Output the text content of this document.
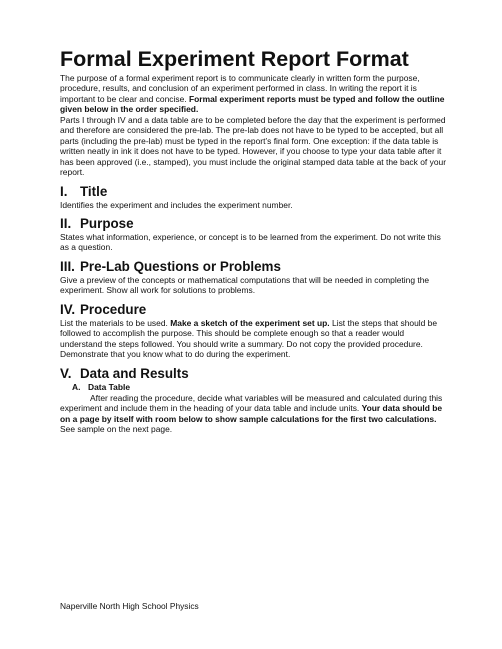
Formal Experiment Report Format

The purpose of a formal experiment report is to communicate clearly in written form the purpose, procedure, results, and conclusion of an experiment performed in class. In writing the report it is important to be clear and concise. Formal experiment reports must be typed and follow the outline given below in the order specified.

Parts I through IV and a data table are to be completed before the day that the experiment is performed and therefore are considered the pre-lab. The pre-lab does not have to be typed to be accepted, but all parts (including the pre-lab) must be typed in the report’s final form. One exception: if the data table is written neatly in ink it does not have to be typed. However, if you choose to type your data table after it has been approved (i.e., stamped), you must include the original stamped data table at the back of your report.

I. Title

Identifies the experiment and includes the experiment number.

II. Purpose

States what information, experience, or concept is to be learned from the experiment. Do not write this as a question.

III. Pre-Lab Questions or Problems

Give a preview of the concepts or mathematical computations that will be needed in completing the experiment. Show all work for solutions to problems.

IV. Procedure

List the materials to be used. Make a sketch of the experiment set up. List the steps that should be followed to accomplish the purpose. This should be complete enough so that a reader would understand the steps followed. You should write a summary. Do not copy the provided procedure. Demonstrate that you know what to do during the experiment.

V. Data and Results
A. Data Table

After reading the procedure, decide what variables will be measured and calculated during this experiment and include them in the heading of your data table and include units. Your data should be on a page by itself with room below to show sample calculations for the first two calculations. See sample on the next page.

Naperville North High School Physics
